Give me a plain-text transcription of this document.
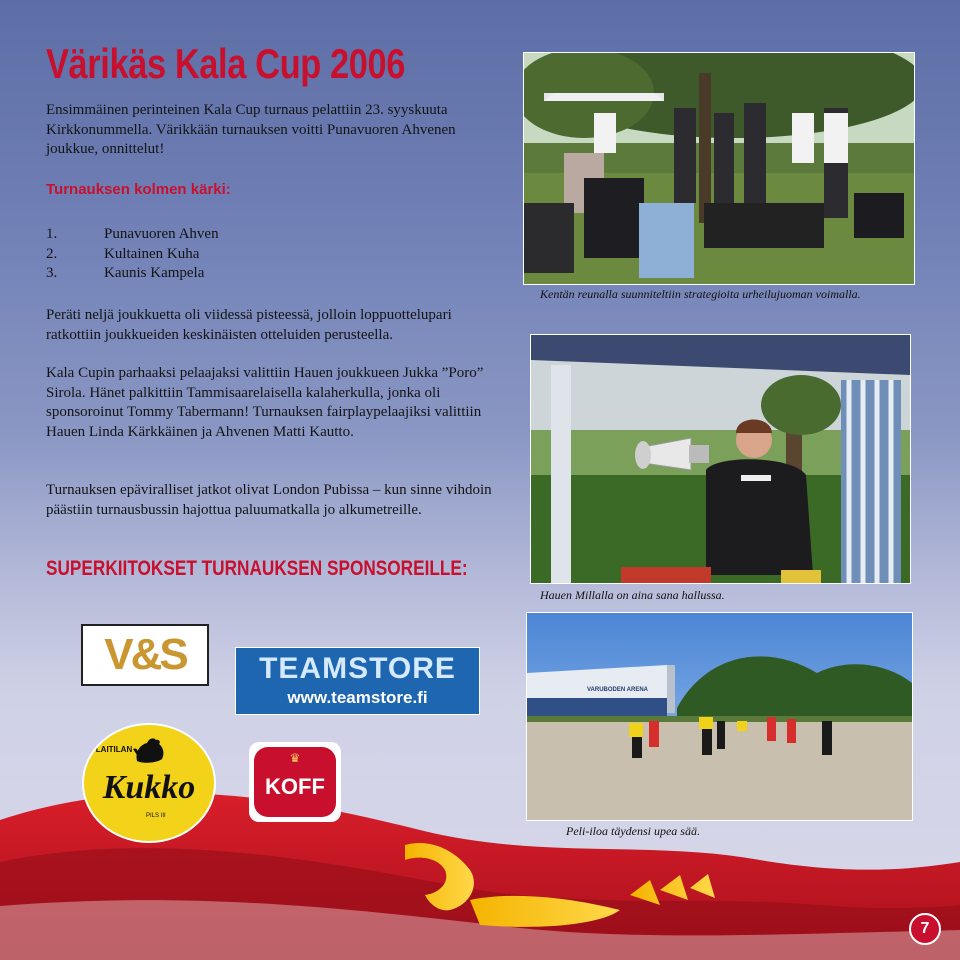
Värikäs Kala Cup 2006

Ensimmäinen perinteinen Kala Cup turnaus pelattiin 23. syyskuuta Kirkkonummella. Värikkään turnauksen voitti Punavuoren Ahvenen joukkue, onnittelut!

Turnauksen kolmen kärki:
1.	Punavuoren Ahven
2.	Kultainen Kuha
3.	Kaunis Kampela

Peräti neljä joukkuetta oli viidessä pisteessä, jolloin loppuottelupari ratkottiin joukkueiden keskinäisten otteluiden perusteella.

Kala Cupin parhaaksi pelaajaksi valittiin Hauen joukkueen Jukka ”Poro” Sirola. Hänet palkittiin Tammisaarelaisella kalaherkulla, jonka oli sponsoroinut Tommy Tabermann! Turnauksen fairplaypelaajiksi valittiin Hauen Linda Kärkkäinen ja Ahvenen Matti Kautto.

Turnauksen epäviralliset jatkot olivat London Pubissa – kun sinne vihdoin päästiin turnausbussin hajottua paluumatkalla jo alkumetreille.

SUPERKIITOKSET TURNAUKSEN SPONSOREILLE:
V&S	TEAMSTORE
www.teamstore.fi
LAITILAN
Kukko
PILS III
♛
KOFF

Kentän reunalla suunniteltiin strategioita urheilujuoman voimalla.

Hauen Millalla on aina sana hallussa.

VARUBODEN ARENA

Peli-iloa täydensi upea sää.

7
